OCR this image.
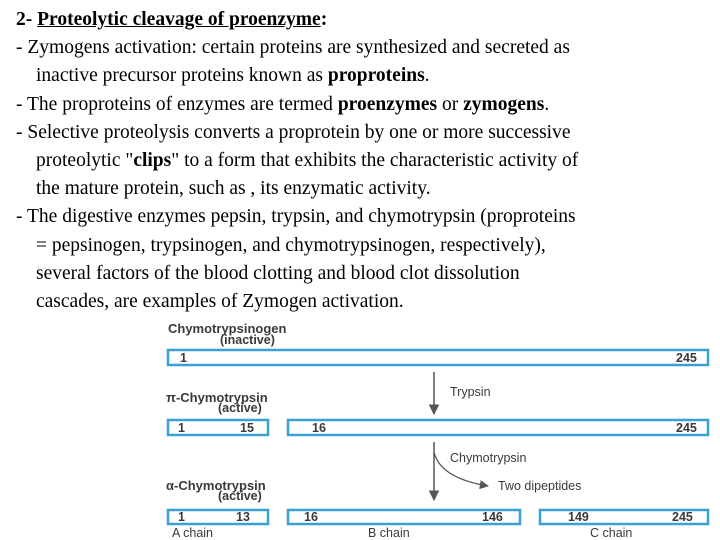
2- Proteolytic cleavage of proenzyme:

- Zymogens activation: certain proteins are synthesized and secreted as

inactive precursor proteins known as proproteins.

- The proproteins of enzymes are termed proenzymes or zymogens.

- Selective proteolysis converts a proprotein by one or more successive

proteolytic "clips" to a form that exhibits the characteristic activity of

the mature protein, such as , its enzymatic activity.

- The digestive enzymes pepsin, trypsin, and chymotrypsin (proproteins

= pepsinogen, trypsinogen, and chymotrypsinogen, respectively),

several factors of the blood clotting and blood clot dissolution

cascades, are examples of Zymogen activation.

Chymotrypsinogen
(inactive)
1	245
Trypsin
π-Chymotrypsin
(active)
1	15	16	245
Chymotrypsin
Two dipeptides
α-Chymotrypsin
(active)
1	13	16	146	149	245
A chain	B chain	C chain
